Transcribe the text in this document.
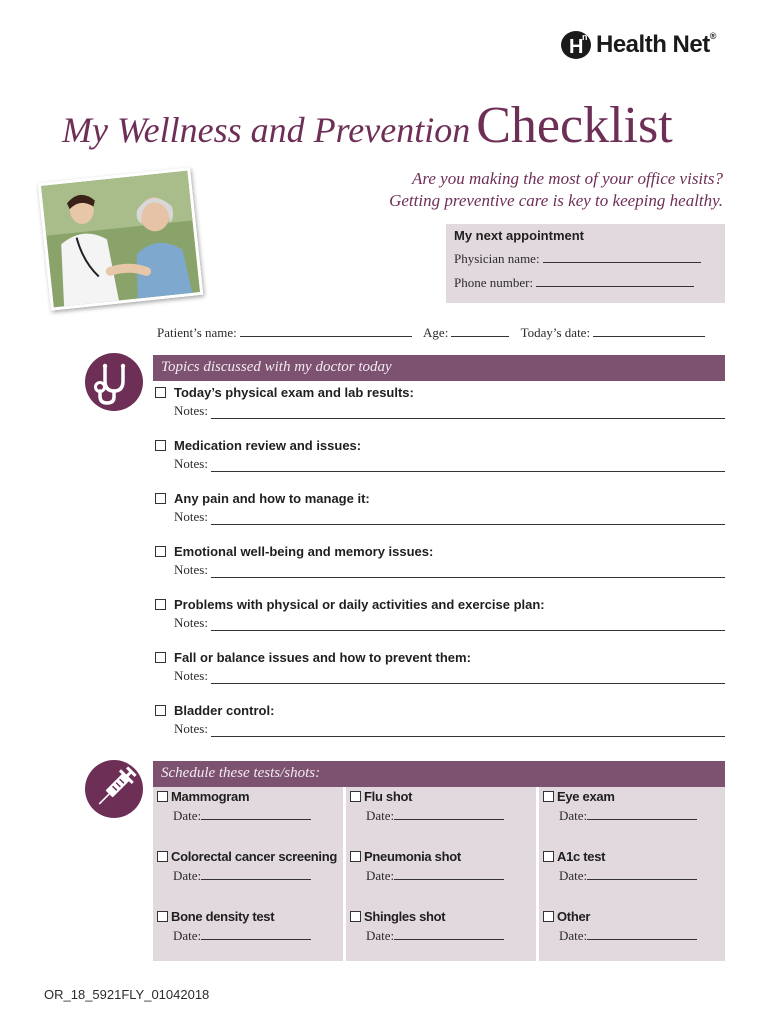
H
n Health Net®
My Wellness and Prevention Checklist
Are you making the most of your office visits?
Getting preventive care is key to keeping healthy.
My next appointment
Physician name:
Phone number:
Patient’s name:	Age:	Today’s date:
Topics discussed with my doctor today
Today’s physical exam and lab results:
Notes:
Medication review and issues:
Notes:
Any pain and how to manage it:
Notes:
Emotional well-being and memory issues:
Notes:
Problems with physical or daily activities and exercise plan:
Notes:
Fall or balance issues and how to prevent them:
Notes:
Bladder control:
Notes:
Schedule these tests/shots:
Mammogram
Date:
Colorectal cancer screening
Date:
Bone density test
Date:
Flu shot
Date:
Pneumonia shot
Date:
Shingles shot
Date:
Eye exam
Date:
A1c test
Date:
Other
Date:
OR_18_5921FLY_01042018
